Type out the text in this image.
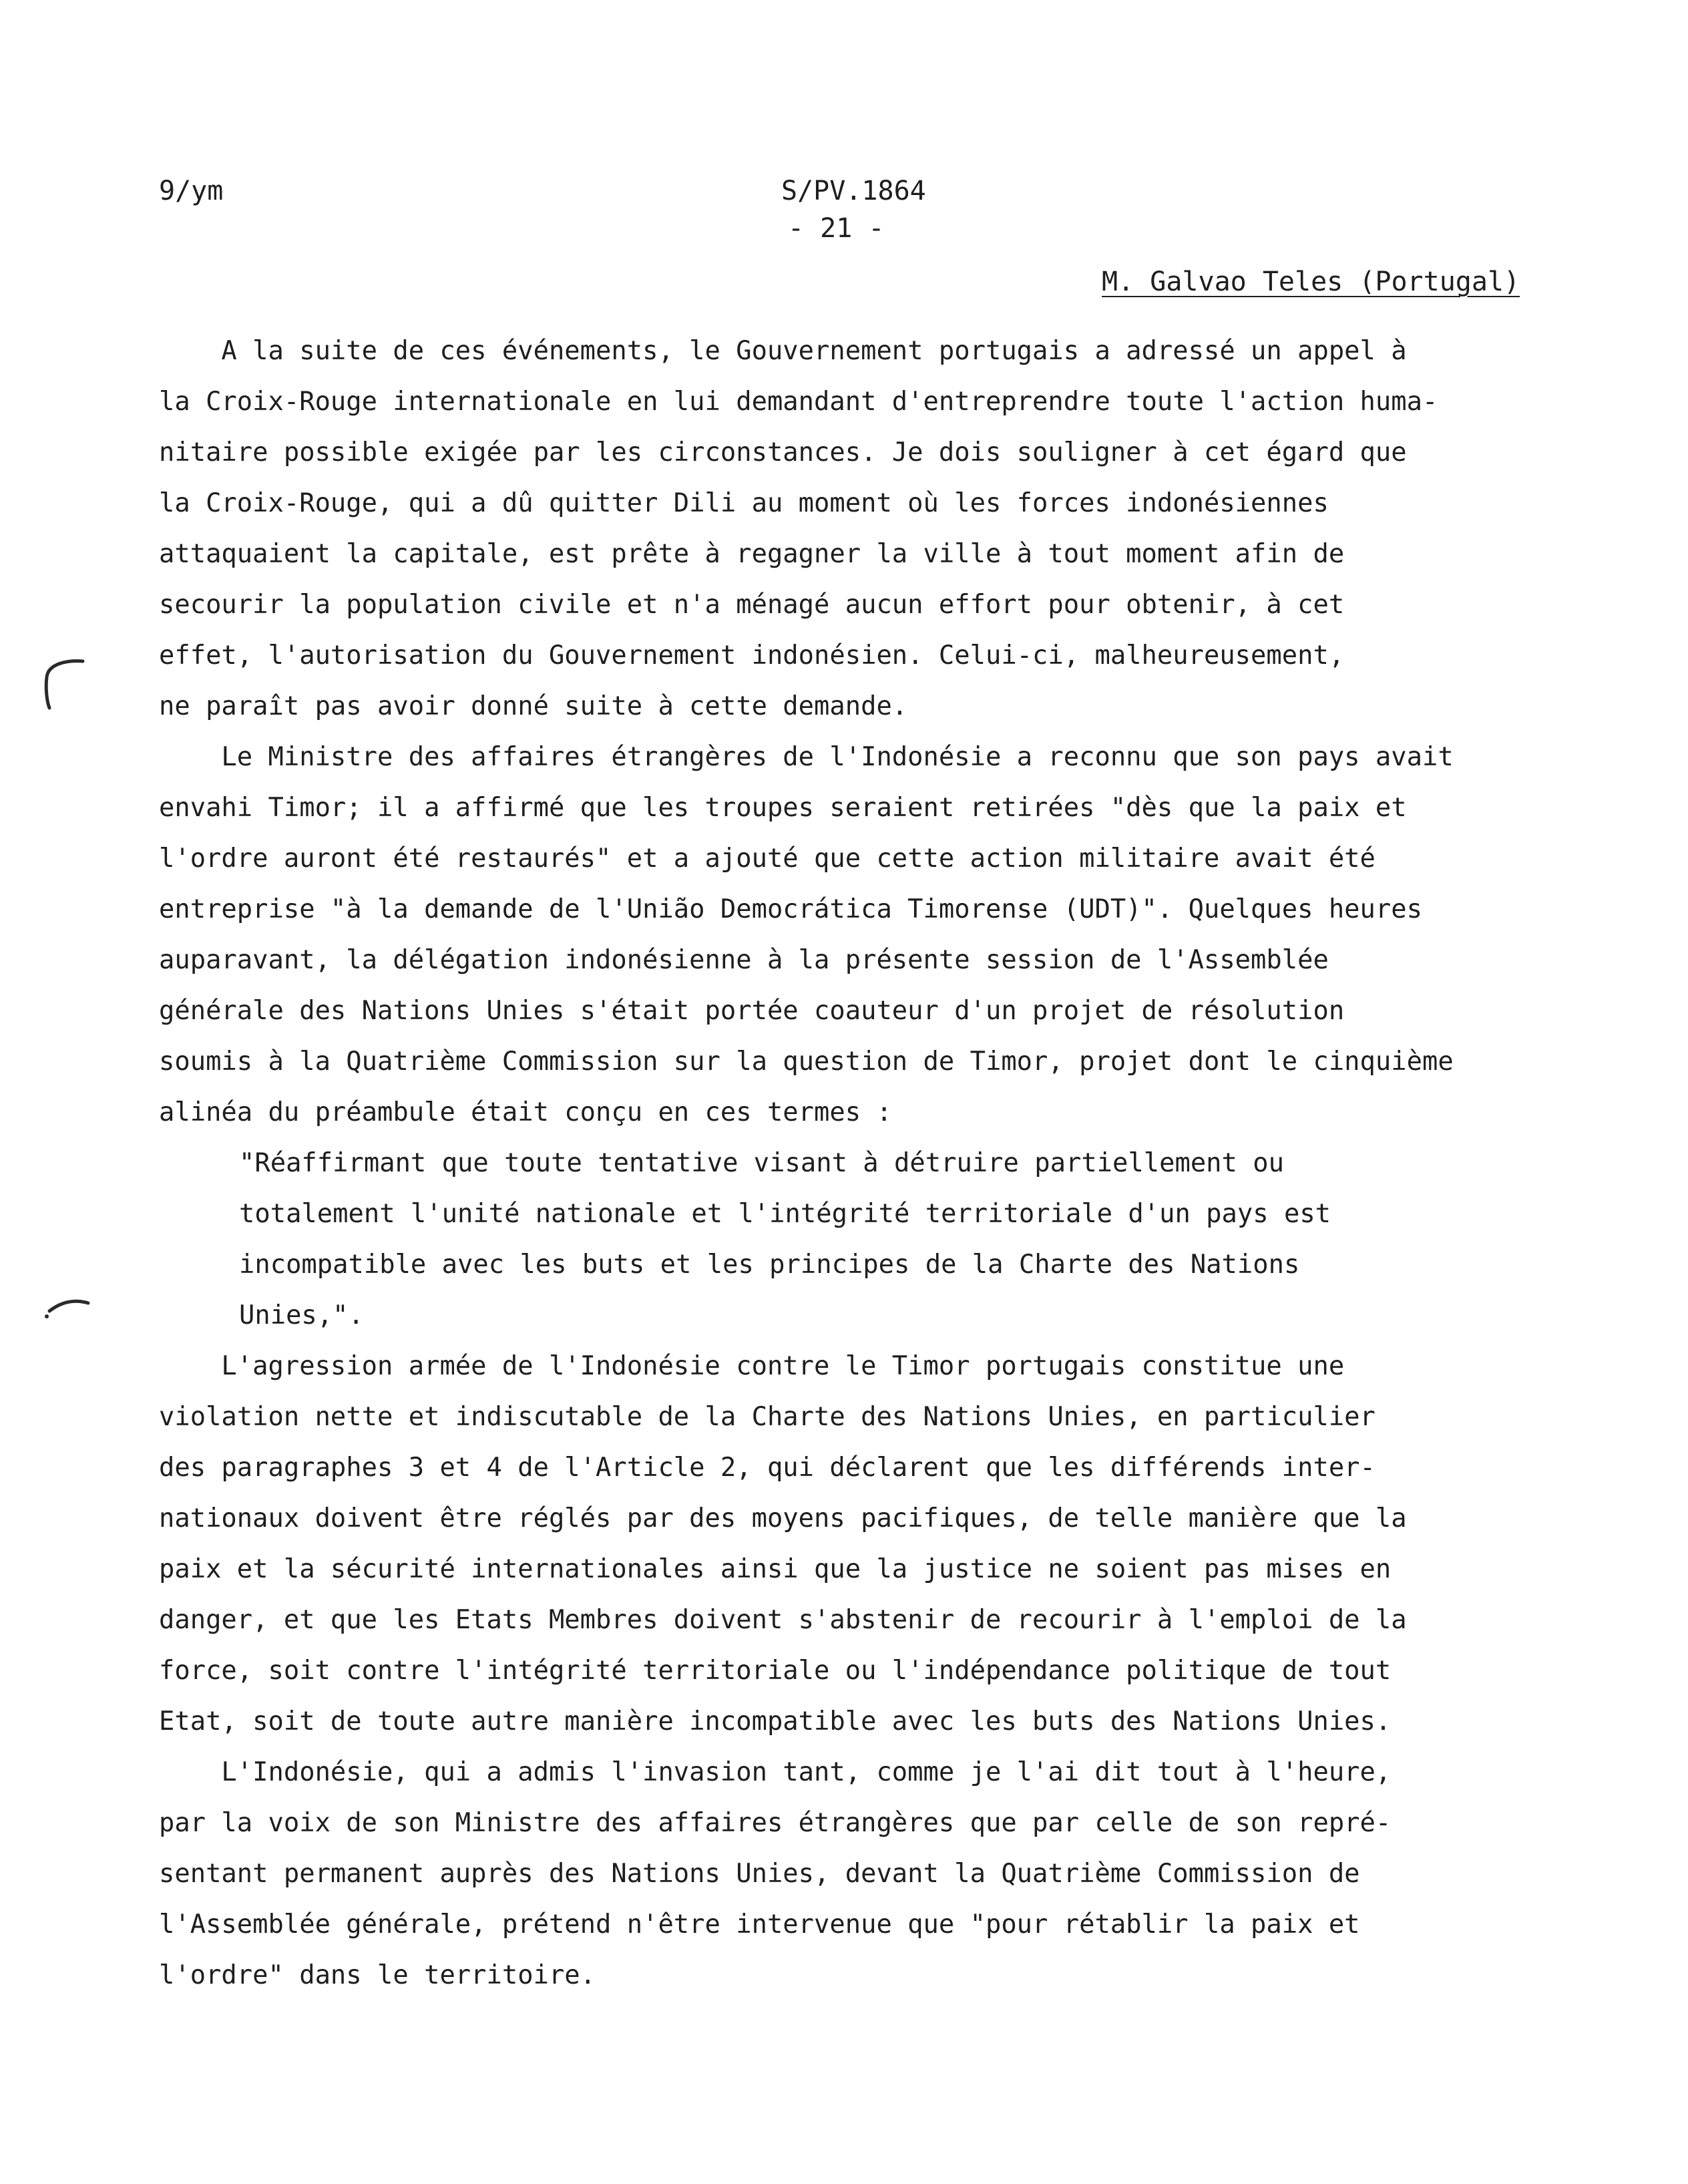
9/ym	S/PV.1864
- 21 -
M. Galvao Teles (Portugal)

A la suite de ces événements, le Gouvernement portugais a adressé un appel à
la Croix-Rouge internationale en lui demandant d'entreprendre toute l'action huma-
nitaire possible exigée par les circonstances. Je dois souligner à cet égard que
la Croix-Rouge, qui a dû quitter Dili au moment où les forces indonésiennes
attaquaient la capitale, est prête à regagner la ville à tout moment afin de
secourir la population civile et n'a ménagé aucun effort pour obtenir, à cet
effet, l'autorisation du Gouvernement indonésien. Celui-ci, malheureusement,
ne paraît pas avoir donné suite à cette demande.

Le Ministre des affaires étrangères de l'Indonésie a reconnu que son pays avait
envahi Timor; il a affirmé que les troupes seraient retirées "dès que la paix et
l'ordre auront été restaurés" et a ajouté que cette action militaire avait été
entreprise "à la demande de l'União Democrática Timorense (UDT)". Quelques heures
auparavant, la délégation indonésienne à la présente session de l'Assemblée
générale des Nations Unies s'était portée coauteur d'un projet de résolution
soumis à la Quatrième Commission sur la question de Timor, projet dont le cinquième
alinéa du préambule était conçu en ces termes :

"Réaffirmant que toute tentative visant à détruire partiellement ou
totalement l'unité nationale et l'intégrité territoriale d'un pays est
incompatible avec les buts et les principes de la Charte des Nations
Unies,".

L'agression armée de l'Indonésie contre le Timor portugais constitue une
violation nette et indiscutable de la Charte des Nations Unies, en particulier
des paragraphes 3 et 4 de l'Article 2, qui déclarent que les différends inter-
nationaux doivent être réglés par des moyens pacifiques, de telle manière que la
paix et la sécurité internationales ainsi que la justice ne soient pas mises en
danger, et que les Etats Membres doivent s'abstenir de recourir à l'emploi de la
force, soit contre l'intégrité territoriale ou l'indépendance politique de tout
Etat, soit de toute autre manière incompatible avec les buts des Nations Unies.

L'Indonésie, qui a admis l'invasion tant, comme je l'ai dit tout à l'heure,
par la voix de son Ministre des affaires étrangères que par celle de son repré-
sentant permanent auprès des Nations Unies, devant la Quatrième Commission de
l'Assemblée générale, prétend n'être intervenue que "pour rétablir la paix et
l'ordre" dans le territoire.
